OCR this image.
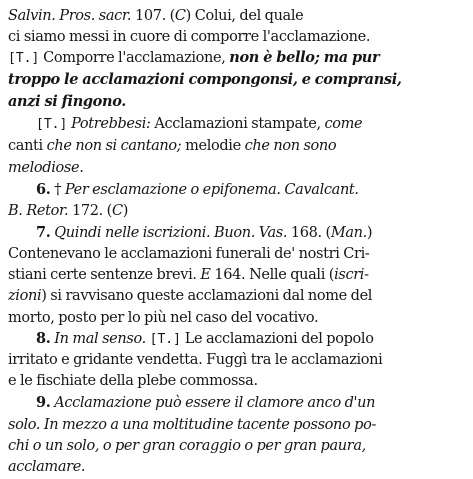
Salvin. Pros. sacr. 107. (C) Colui, del quale
ci siamo messi in cuore di comporre l'acclamazione.
[T.] Comporre l'acclamazione, non è bello; ma pur
troppo le acclamazioni compongonsi, e compransi,
anzi si fingono.
[T.] Potrebbesi: Acclamazioni stampate, come
canti che non si cantano; melodie che non sono
melodiose.
6. † Per esclamazione o epifonema. Cavalcant.
B. Retor. 172. (C)
7. Quindi nelle iscrizioni. Buon. Vas. 168. (Man.)
Contenevano le acclamazioni funerali de' nostri Cri-
stiani certe sentenze brevi. E 164. Nelle quali (iscri-
zioni) si ravvisano queste acclamazioni dal nome del
morto, posto per lo più nel caso del vocativo.
8. In mal senso. [T.] Le acclamazioni del popolo
irritato e gridante vendetta. Fuggì tra le acclamazioni
e le fischiate della plebe commossa.
9. Acclamazione può essere il clamore anco d'un
solo. In mezzo a una moltitudine tacente possono po-
chi o un solo, o per gran coraggio o per gran paura,
acclamare.
